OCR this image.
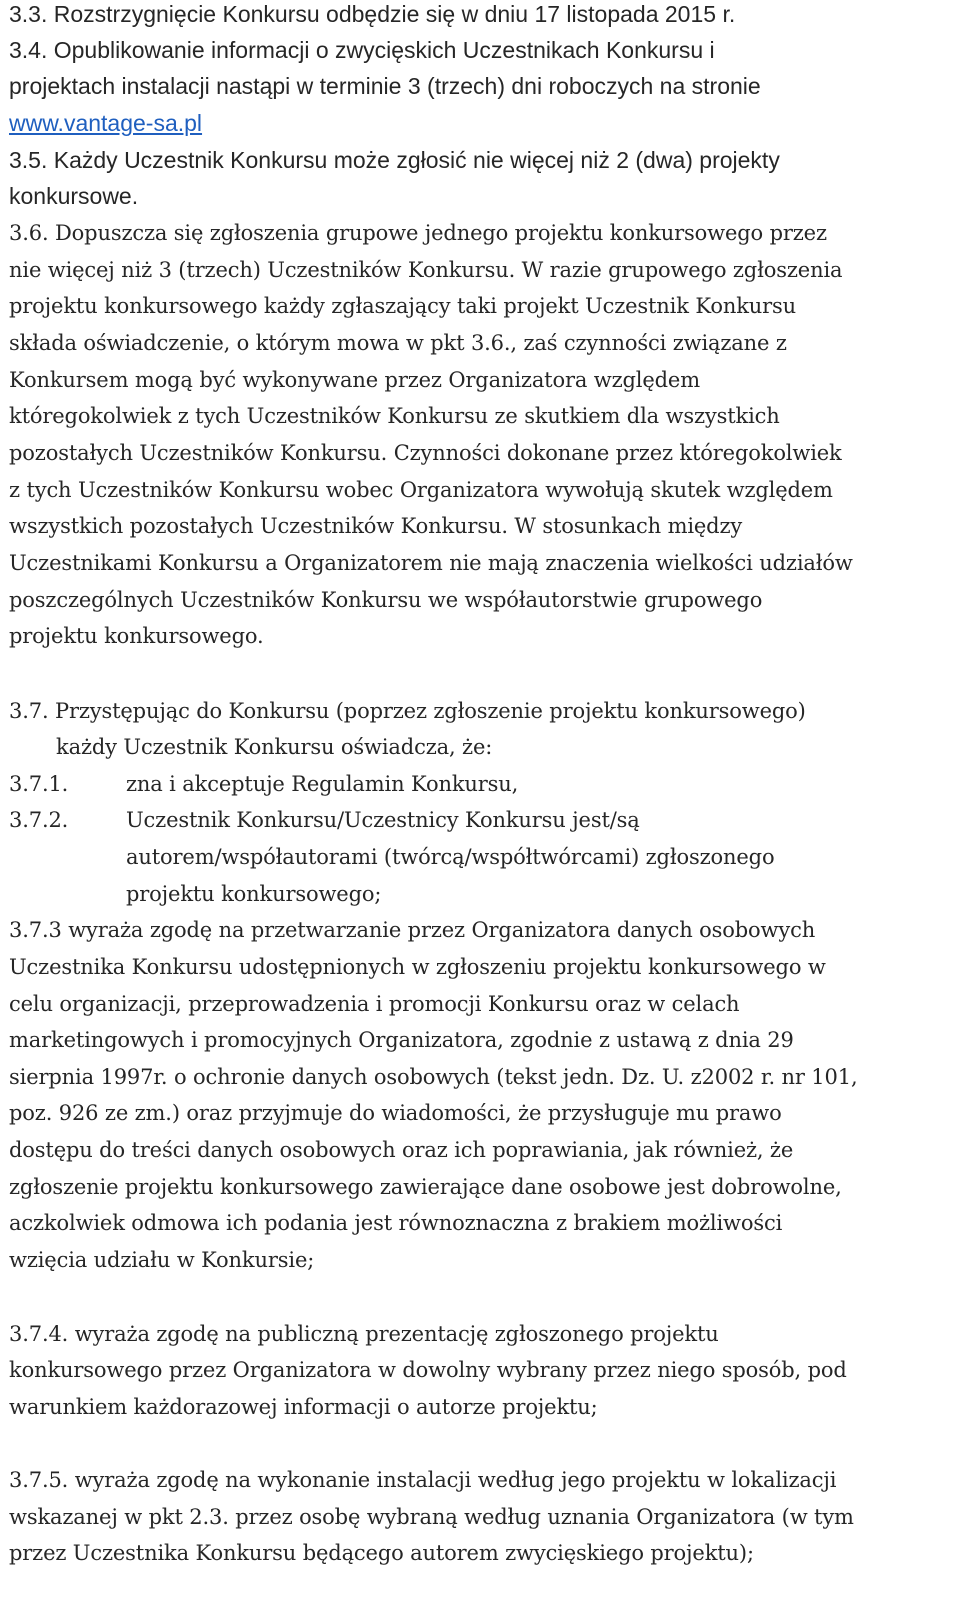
3.3. Rozstrzygnięcie Konkursu odbędzie się w dniu 17 listopada 2015 r.
3.4. Opublikowanie informacji o zwycięskich Uczestnikach Konkursu i
projektach instalacji nastąpi w terminie 3 (trzech) dni roboczych na stronie
www.vantage-sa.pl
3.5. Każdy Uczestnik Konkursu może zgłosić nie więcej niż 2 (dwa) projekty
konkursowe.
3.6. Dopuszcza się zgłoszenia grupowe jednego projektu konkursowego przez
nie więcej niż 3 (trzech) Uczestników Konkursu. W razie grupowego zgłoszenia
projektu konkursowego każdy zgłaszający taki projekt Uczestnik Konkursu
składa oświadczenie, o którym mowa w pkt 3.6., zaś czynności związane z
Konkursem mogą być wykonywane przez Organizatora względem
któregokolwiek z tych Uczestników Konkursu ze skutkiem dla wszystkich
pozostałych Uczestników Konkursu. Czynności dokonane przez któregokolwiek
z tych Uczestników Konkursu wobec Organizatora wywołują skutek względem
wszystkich pozostałych Uczestników Konkursu. W stosunkach między
Uczestnikami Konkursu a Organizatorem nie mają znaczenia wielkości udziałów
poszczególnych Uczestników Konkursu we współautorstwie grupowego
projektu konkursowego.
3.7. Przystępując do Konkursu (poprzez zgłoszenie projektu konkursowego)
każdy Uczestnik Konkursu oświadcza, że:
3.7.1.	zna i akceptuje Regulamin Konkursu,
3.7.2.	Uczestnik Konkursu/Uczestnicy Konkursu jest/są
autorem/współautorami (twórcą/współtwórcami) zgłoszonego
projektu konkursowego;
3.7.3 wyraża zgodę na przetwarzanie przez Organizatora danych osobowych
Uczestnika Konkursu udostępnionych w zgłoszeniu projektu konkursowego w
celu organizacji, przeprowadzenia i promocji Konkursu oraz w celach
marketingowych i promocyjnych Organizatora, zgodnie z ustawą z dnia 29
sierpnia 1997r. o ochronie danych osobowych (tekst jedn. Dz. U. z2002 r. nr 101,
poz. 926 ze zm.) oraz przyjmuje do wiadomości, że przysługuje mu prawo
dostępu do treści danych osobowych oraz ich poprawiania, jak również, że
zgłoszenie projektu konkursowego zawierające dane osobowe jest dobrowolne,
aczkolwiek odmowa ich podania jest równoznaczna z brakiem możliwości
wzięcia udziału w Konkursie;
3.7.4. wyraża zgodę na publiczną prezentację zgłoszonego projektu
konkursowego przez Organizatora w dowolny wybrany przez niego sposób, pod
warunkiem każdorazowej informacji o autorze projektu;
3.7.5. wyraża zgodę na wykonanie instalacji według jego projektu w lokalizacji
wskazanej w pkt 2.3. przez osobę wybraną według uznania Organizatora (w tym
przez Uczestnika Konkursu będącego autorem zwycięskiego projektu);
